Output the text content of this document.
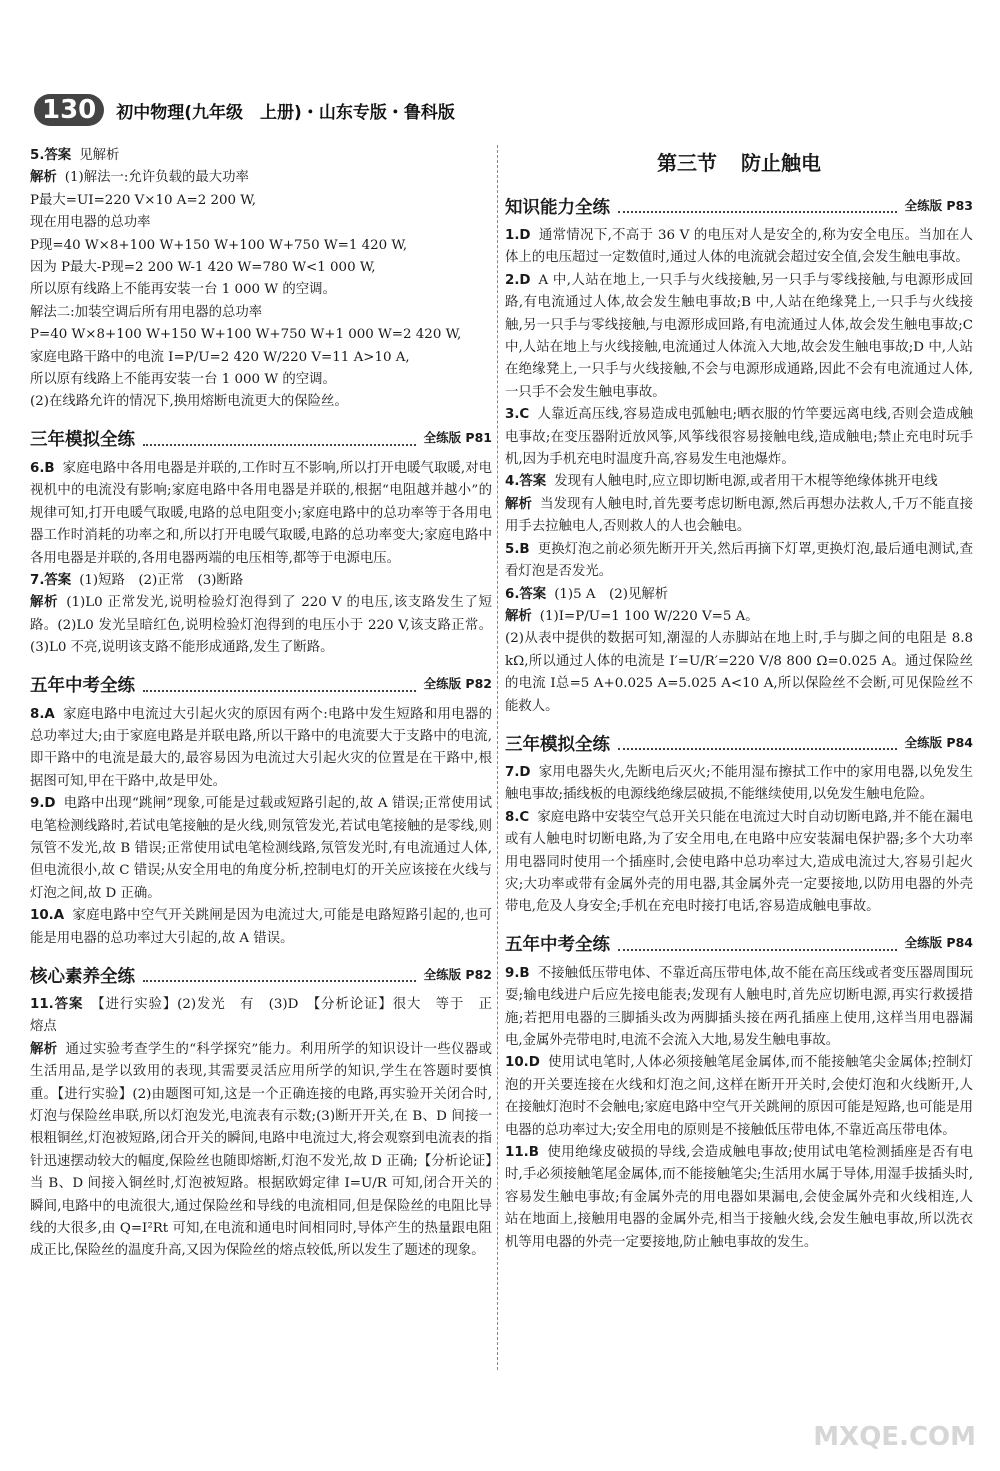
130	初中物理(九年级　上册)・山东专版・鲁科版

5.答案 见解析

解析 (1)解法一:允许负载的最大功率

P最大=UI=220 V×10 A=2 200 W,

现在用电器的总功率

P现=40 W×8+100 W+150 W+100 W+750 W=1 420 W,

因为 P最大-P现=2 200 W-1 420 W=780 W<1 000 W,

所以原有线路上不能再安装一台 1 000 W 的空调。

解法二:加装空调后所有用电器的总功率

P=40 W×8+100 W+150 W+100 W+750 W+1 000 W=2 420 W,

家庭电路干路中的电流 I=P/U=2 420 W/220 V=11 A>10 A,

所以原有线路上不能再安装一台 1 000 W 的空调。

(2)在线路允许的情况下,换用熔断电流更大的保险丝。

三年模拟全练	全练版 P81

6.B 家庭电路中各用电器是并联的,工作时互不影响,所以打开电暖气取暖,对电视机中的电流没有影响;家庭电路中各用电器是并联的,根据“电阻越并越小”的规律可知,打开电暖气取暖,电路的总电阻变小;家庭电路中的总功率等于各用电器工作时消耗的功率之和,所以打开电暖气取暖,电路的总功率变大;家庭电路中各用电器是并联的,各用电器两端的电压相等,都等于电源电压。

7.答案 (1)短路　(2)正常　(3)断路

解析 (1)L0 正常发光,说明检验灯泡得到了 220 V 的电压,该支路发生了短路。(2)L0 发光呈暗红色,说明检验灯泡得到的电压小于 220 V,该支路正常。(3)L0 不亮,说明该支路不能形成通路,发生了断路。

五年中考全练	全练版 P82

8.A 家庭电路中电流过大引起火灾的原因有两个:电路中发生短路和用电器的总功率过大;由于家庭电路是并联电路,所以干路中的电流要大于支路中的电流,即干路中的电流是最大的,最容易因为电流过大引起火灾的位置是在干路中,根据图可知,甲在干路中,故是甲处。

9.D 电路中出现“跳闸”现象,可能是过载或短路引起的,故 A 错误;正常使用试电笔检测线路时,若试电笔接触的是火线,则氖管发光,若试电笔接触的是零线,则氖管不发光,故 B 错误;正常使用试电笔检测线路,氖管发光时,有电流通过人体,但电流很小,故 C 错误;从安全用电的角度分析,控制电灯的开关应该接在火线与灯泡之间,故 D 正确。

10.A 家庭电路中空气开关跳闸是因为电流过大,可能是电路短路引起的,也可能是用电器的总功率过大引起的,故 A 错误。

核心素养全练	全练版 P82

11.答案 【进行实验】(2)发光　有　(3)D　【分析论证】很大　等于　正　熔点

解析 通过实验考查学生的“科学探究”能力。利用所学的知识设计一些仪器或生活用品,是学以致用的表现,其需要灵活应用所学的知识,学生在答题时要慎重。【进行实验】(2)由题图可知,这是一个正确连接的电路,再实验开关闭合时,灯泡与保险丝串联,所以灯泡发光,电流表有示数;(3)断开开关,在 B、D 间接一根粗铜丝,灯泡被短路,闭合开关的瞬间,电路中电流过大,将会观察到电流表的指针迅速摆动较大的幅度,保险丝也随即熔断,灯泡不发光,故 D 正确;【分析论证】当 B、D 间接入铜丝时,灯泡被短路。根据欧姆定律 I=U/R 可知,闭合开关的瞬间,电路中的电流很大,通过保险丝和导线的电流相同,但是保险丝的电阻比导线的大很多,由 Q=I²Rt 可知,在电流和通电时间相同时,导体产生的热量跟电阻成正比,保险丝的温度升高,又因为保险丝的熔点较低,所以发生了题述的现象。

第三节 防止触电
知识能力全练	全练版 P83

1.D 通常情况下,不高于 36 V 的电压对人是安全的,称为安全电压。当加在人体上的电压超过一定数值时,通过人体的电流就会超过安全值,会发生触电事故。

2.D A 中,人站在地上,一只手与火线接触,另一只手与零线接触,与电源形成回路,有电流通过人体,故会发生触电事故;B 中,人站在绝缘凳上,一只手与火线接触,另一只手与零线接触,与电源形成回路,有电流通过人体,故会发生触电事故;C 中,人站在地上与火线接触,电流通过人体流入大地,故会发生触电事故;D 中,人站在绝缘凳上,一只手与火线接触,不会与电源形成通路,因此不会有电流通过人体,一只手不会发生触电事故。

3.C 人靠近高压线,容易造成电弧触电;晒衣服的竹竿要远离电线,否则会造成触电事故;在变压器附近放风筝,风筝线很容易接触电线,造成触电;禁止充电时玩手机,因为手机充电时温度升高,容易发生电池爆炸。

4.答案 发现有人触电时,应立即切断电源,或者用干木棍等绝缘体挑开电线

解析 当发现有人触电时,首先要考虑切断电源,然后再想办法救人,千万不能直接用手去拉触电人,否则救人的人也会触电。

5.B 更换灯泡之前必须先断开开关,然后再摘下灯罩,更换灯泡,最后通电测试,查看灯泡是否发光。

6.答案 (1)5 A　(2)见解析

解析 (1)I=P/U=1 100 W/220 V=5 A。

(2)从表中提供的数据可知,潮湿的人赤脚站在地上时,手与脚之间的电阻是 8.8 kΩ,所以通过人体的电流是 I′=U/R′=220 V/8 800 Ω=0.025 A。通过保险丝的电流 I总=5 A+0.025 A=5.025 A<10 A,所以保险丝不会断,可见保险丝不能救人。

三年模拟全练	全练版 P84

7.D 家用电器失火,先断电后灭火;不能用湿布擦拭工作中的家用电器,以免发生触电事故;插线板的电源线绝缘层破损,不能继续使用,以免发生触电危险。

8.C 家庭电路中安装空气总开关只能在电流过大时自动切断电路,并不能在漏电或有人触电时切断电路,为了安全用电,在电路中应安装漏电保护器;多个大功率用电器同时使用一个插座时,会使电路中总功率过大,造成电流过大,容易引起火灾;大功率或带有金属外壳的用电器,其金属外壳一定要接地,以防用电器的外壳带电,危及人身安全;手机在充电时接打电话,容易造成触电事故。

五年中考全练	全练版 P84

9.B 不接触低压带电体、不靠近高压带电体,故不能在高压线或者变压器周围玩耍;输电线进户后应先接电能表;发现有人触电时,首先应切断电源,再实行救援措施;若把用电器的三脚插头改为两脚插头接在两孔插座上使用,这样当用电器漏电,金属外壳带电时,电流不会流入大地,易发生触电事故。

10.D 使用试电笔时,人体必须接触笔尾金属体,而不能接触笔尖金属体;控制灯泡的开关要连接在火线和灯泡之间,这样在断开开关时,会使灯泡和火线断开,人在接触灯泡时不会触电;家庭电路中空气开关跳闸的原因可能是短路,也可能是用电器的总功率过大;安全用电的原则是不接触低压带电体,不靠近高压带电体。

11.B 使用绝缘皮破损的导线,会造成触电事故;使用试电笔检测插座是否有电时,手必须接触笔尾金属体,而不能接触笔尖;生活用水属于导体,用湿手拔插头时,容易发生触电事故;有金属外壳的用电器如果漏电,会使金属外壳和火线相连,人站在地面上,接触用电器的金属外壳,相当于接触火线,会发生触电事故,所以洗衣机等用电器的外壳一定要接地,防止触电事故的发生。

MXQE.COM
